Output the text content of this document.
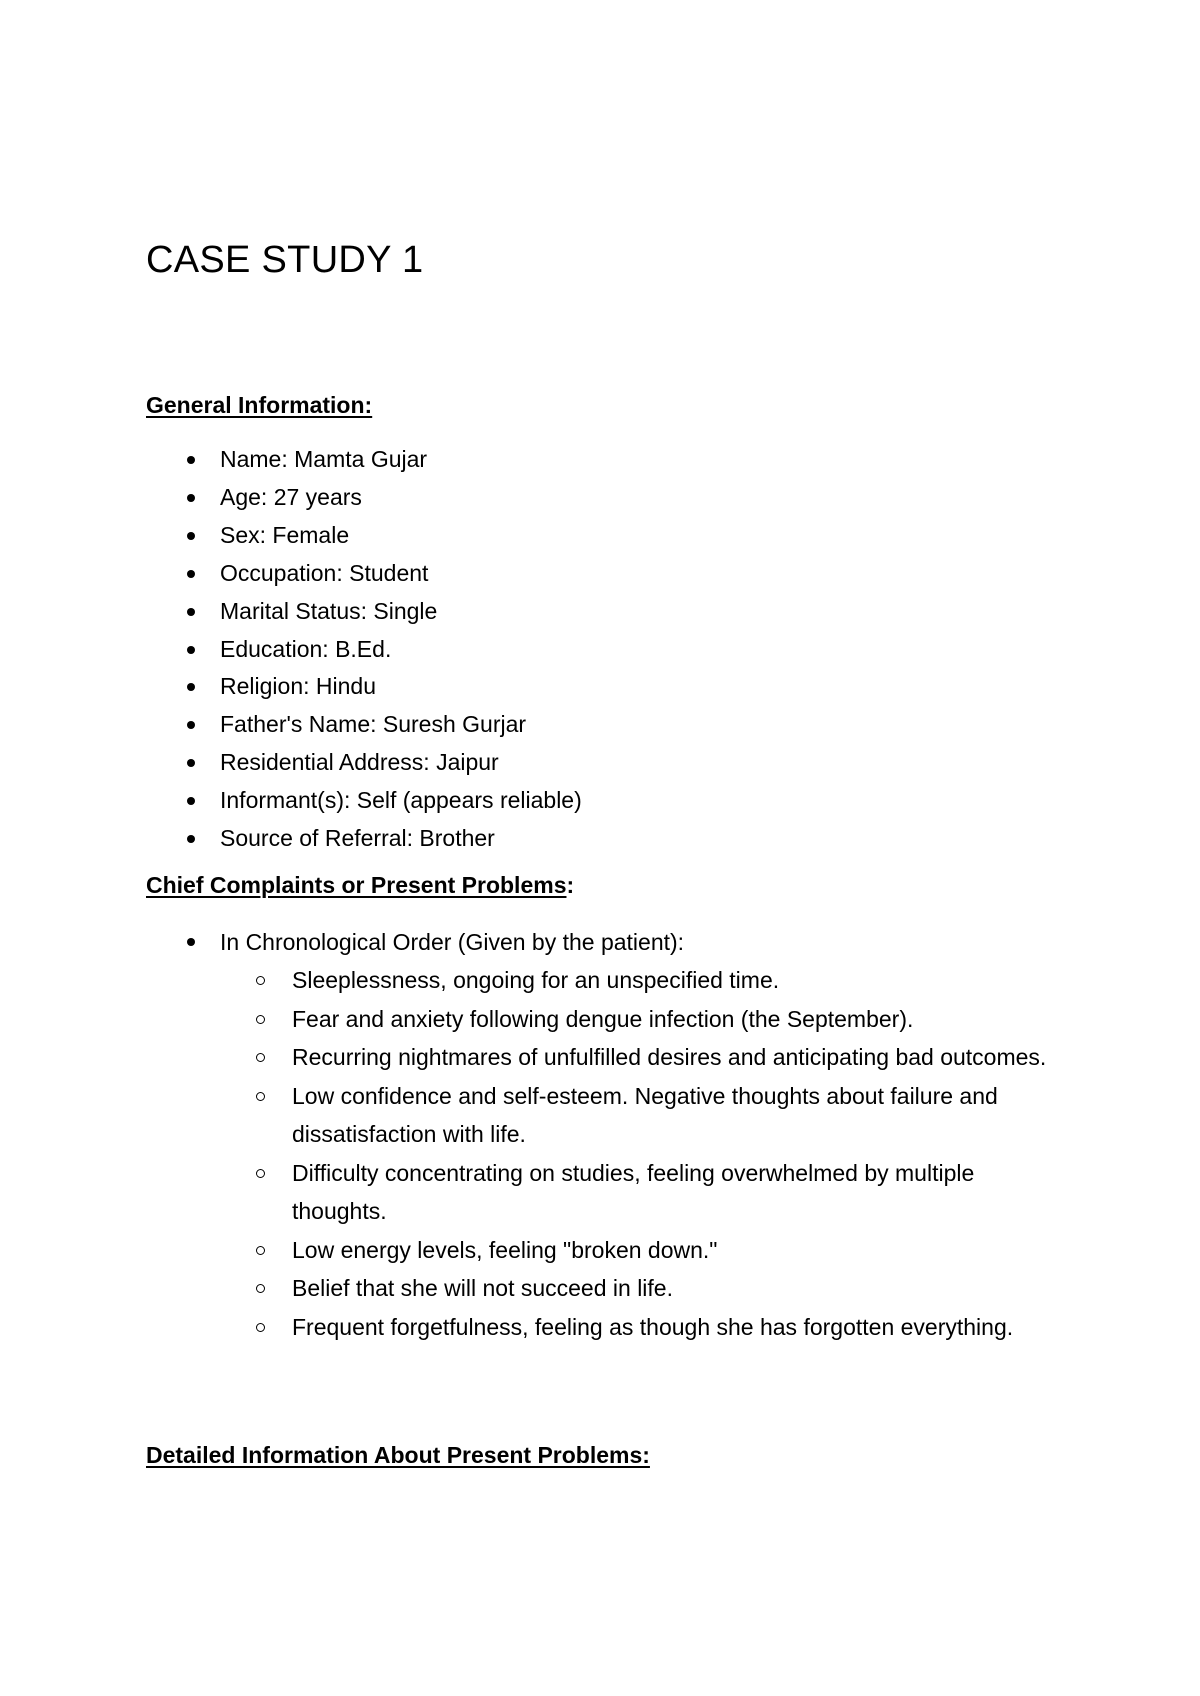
CASE STUDY 1
General Information:
Name: Mamta Gujar
Age: 27 years
Sex: Female
Occupation: Student
Marital Status: Single
Education: B.Ed.
Religion: Hindu
Father's Name: Suresh Gurjar
Residential Address: Jaipur
Informant(s): Self (appears reliable)
Source of Referral: Brother
Chief Complaints or Present Problems:
In Chronological Order (Given by the patient):
Sleeplessness, ongoing for an unspecified time.
Fear and anxiety following dengue infection (the September).
Recurring nightmares of unfulfilled desires and anticipating bad outcomes.
Low confidence and self-esteem. Negative thoughts about failure and dissatisfaction with life.
Difficulty concentrating on studies, feeling overwhelmed by multiple thoughts.
Low energy levels, feeling "broken down."
Belief that she will not succeed in life.
Frequent forgetfulness, feeling as though she has forgotten everything.
Detailed Information About Present Problems:
